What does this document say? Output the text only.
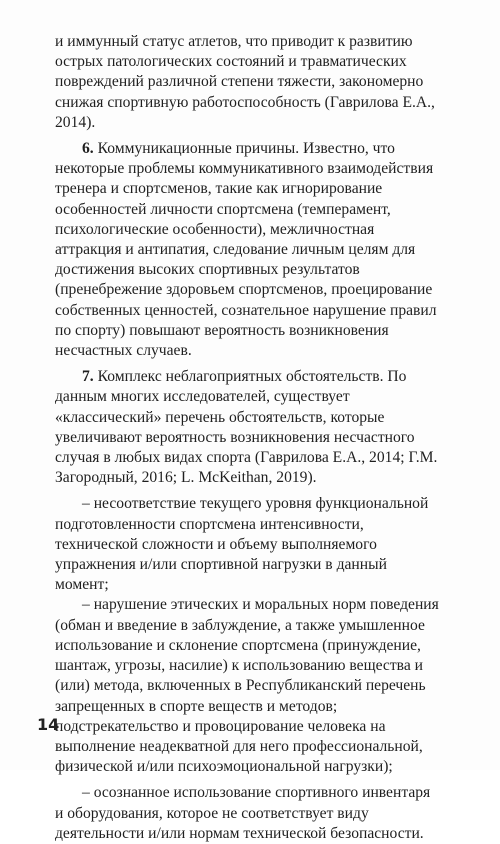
и иммунный статус атлетов, что приводит к развитию острых патологических состояний и травматических повреждений различной степени тяжести, закономерно снижая спортивную работоспособность (Гаврилова Е.А., 2014).

6. Коммуникационные причины. Известно, что некоторые проблемы коммуникативного взаимодействия тренера и спортсменов, такие как игнорирование особенностей личности спортсмена (темперамент, психологические особенности), межличностная аттракция и антипатия, следование личным целям для достижения высоких спортивных результатов (пренебрежение здоровьем спортсменов, проецирование собственных ценностей, сознательное нарушение правил по спорту) повышают вероятность возникновения несчастных случаев.

7. Комплекс неблагоприятных обстоятельств. По данным многих исследователей, существует «классический» перечень обстоятельств, которые увеличивают вероятность возникновения несчастного случая в любых видах спорта (Гаврилова Е.А., 2014; Г.М. Загородный, 2016; L. McKeithan, 2019).

– несоответствие текущего уровня функциональной подготовленности спортсмена интенсивности, технической сложности и объему выполняемого упражнения и/или спортивной нагрузки в данный момент;

– нарушение этических и моральных норм поведения (обман и введение в заблуждение, а также умышленное использование и склонение спортсмена (принуждение, шантаж, угрозы, насилие) к использованию вещества и (или) метода, включенных в Республиканский перечень запрещенных в спорте веществ и методов; подстрекательство и провоцирование человека на выполнение неадекватной для него профессиональной, физической и/или психоэмоциональной нагрузки);

– осознанное использование спортивного инвентаря и оборудования, которое не соответствует виду деятельности и/или нормам технической безопасности.

14
